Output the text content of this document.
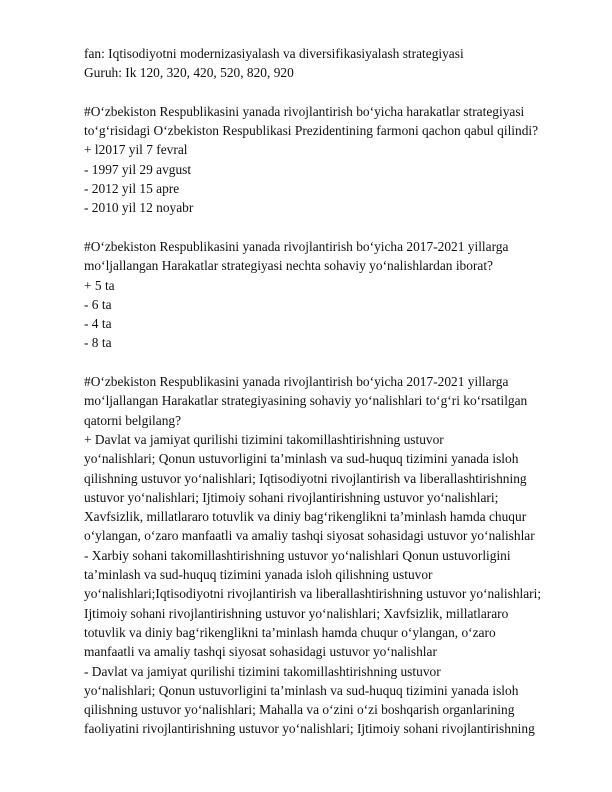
fan: Iqtisodiyotni modernizasiyalash va diversifikasiyalash strategiyasi
Guruh: Ik 120, 320, 420, 520, 820, 920
#O‘zbekiston Respublikasini yanada rivojlantirish bo‘yicha harakatlar strategiyasi
to‘g‘risidagi O‘zbekiston Respublikasi Prezidentining farmoni qachon qabul qilindi?
+ l2017 yil 7 fevral
- 1997 yil 29 avgust
- 2012 yil 15 apre
- 2010 yil 12 noyabr
#O‘zbekiston Respublikasini yanada rivojlantirish bo‘yicha 2017-2021 yillarga
mo‘ljallangan Harakatlar strategiyasi nechta sohaviy yo‘nalishlardan iborat?
+ 5 ta
- 6 ta
- 4 ta
- 8 ta
#O‘zbekiston Respublikasini yanada rivojlantirish bo‘yicha 2017-2021 yillarga
mo‘ljallangan Harakatlar strategiyasining sohaviy yo‘nalishlari to‘g‘ri ko‘rsatilgan
qatorni belgilang?
+ Davlat va jamiyat qurilishi tizimini takomillashtirishning ustuvor
yo‘nalishlari; Qonun ustuvorligini ta’minlash va sud-huquq tizimini yanada isloh
qilishning ustuvor yo‘nalishlari; Iqtisodiyotni rivojlantirish va liberallashtirishning
ustuvor yo‘nalishlari; Ijtimoiy sohani rivojlantirishning ustuvor yo‘nalishlari;
Xavfsizlik, millatlararo totuvlik va diniy bag‘rikenglikni ta’minlash hamda chuqur
o‘ylangan, o‘zaro manfaatli va amaliy tashqi siyosat sohasidagi ustuvor yo‘nalishlar
- Xarbiy sohani takomillashtirishning ustuvor yo‘nalishlari Qonun ustuvorligini
ta’minlash va sud-huquq tizimini yanada isloh qilishning ustuvor
yo‘nalishlari;Iqtisodiyotni rivojlantirish va liberallashtirishning ustuvor yo‘nalishlari;
Ijtimoiy sohani rivojlantirishning ustuvor yo‘nalishlari; Xavfsizlik, millatlararo
totuvlik va diniy bag‘rikenglikni ta’minlash hamda chuqur o‘ylangan, o‘zaro
manfaatli va amaliy tashqi siyosat sohasidagi ustuvor yo‘nalishlar
- Davlat va jamiyat qurilishi tizimini takomillashtirishning ustuvor
yo‘nalishlari; Qonun ustuvorligini ta’minlash va sud-huquq tizimini yanada isloh
qilishning ustuvor yo‘nalishlari; Mahalla va o‘zini o‘zi boshqarish organlarining
faoliyatini rivojlantirishning ustuvor yo‘nalishlari; Ijtimoiy sohani rivojlantirishning
